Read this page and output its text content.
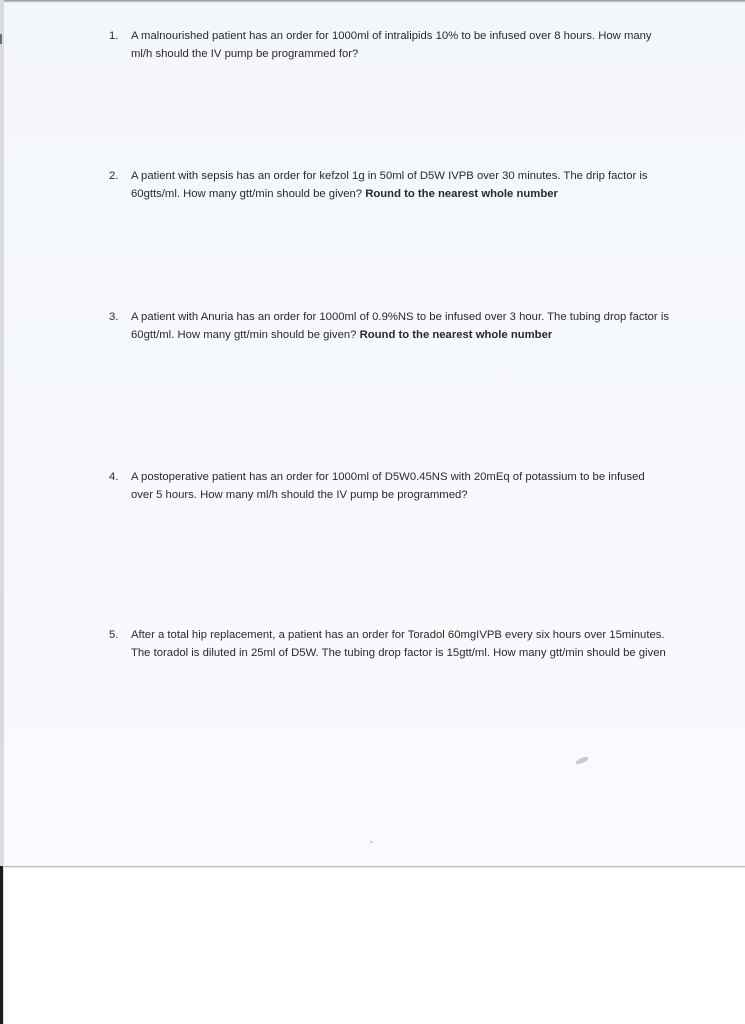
1.	A malnourished patient has an order for 1000ml of intralipids 10% to be infused over 8 hours. How many ml/h should the IV pump be programmed for?
2.	A patient with sepsis has an order for kefzol 1g in 50ml of D5W IVPB over 30 minutes. The drip factor is 60gtts/ml. How many gtt/min should be given? Round to the nearest whole number
3.	A patient with Anuria has an order for 1000ml of 0.9%NS to be infused over 3 hour. The tubing drop factor is 60gtt/ml. How many gtt/min should be given? Round to the nearest whole number
4.	A postoperative patient has an order for 1000ml of D5W0.45NS with 20mEq of potassium to be infused over 5 hours. How many ml/h should the IV pump be programmed?
5.	After a total hip replacement, a patient has an order for Toradol 60mgIVPB every six hours over 15minutes. The toradol is diluted in 25ml of D5W. The tubing drop factor is 15gtt/ml. How many gtt/min should be given
